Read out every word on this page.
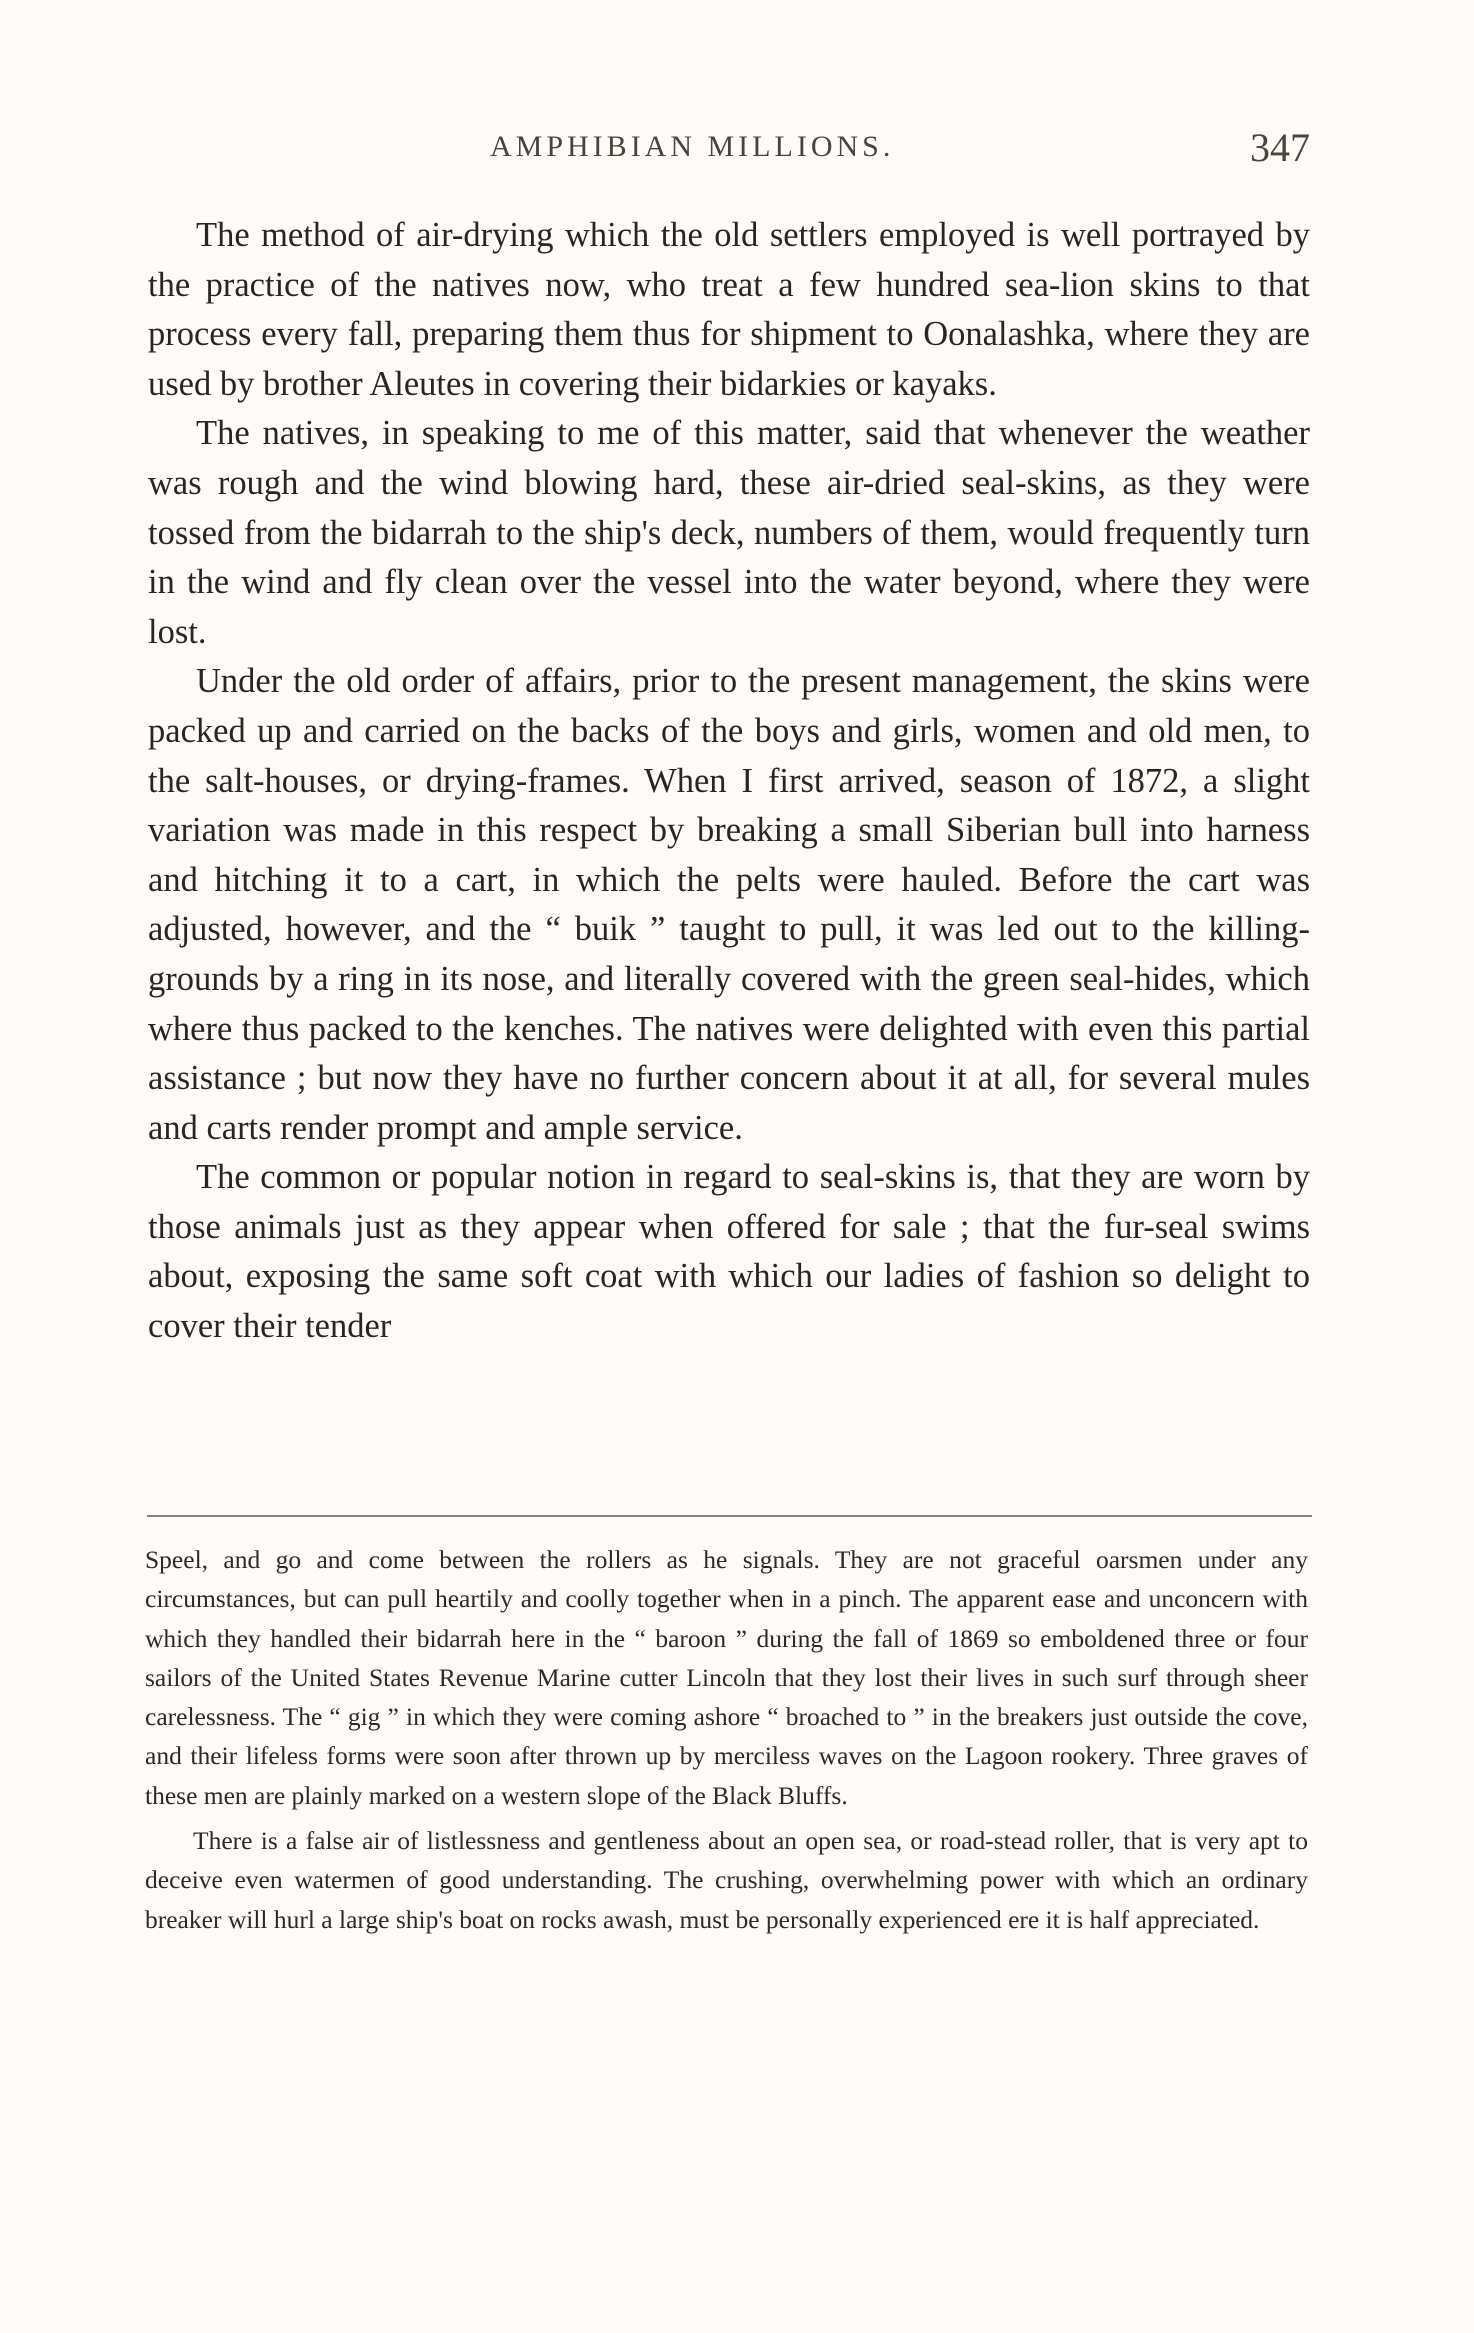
AMPHIBIAN MILLIONS.	347

The method of air-drying which the old settlers employed is well portrayed by the practice of the natives now, who treat a few hundred sea-lion skins to that process every fall, preparing them thus for shipment to Oonalashka, where they are used by brother Aleutes in covering their bidarkies or kayaks.

The natives, in speaking to me of this matter, said that whenever the weather was rough and the wind blowing hard, these air-dried seal-skins, as they were tossed from the bidarrah to the ship's deck, numbers of them, would frequently turn in the wind and fly clean over the vessel into the water beyond, where they were lost.

Under the old order of affairs, prior to the present management, the skins were packed up and carried on the backs of the boys and girls, women and old men, to the salt-houses, or drying-frames. When I first arrived, season of 1872, a slight variation was made in this respect by breaking a small Siberian bull into harness and hitching it to a cart, in which the pelts were hauled. Before the cart was adjusted, however, and the “ buik ” taught to pull, it was led out to the killing-grounds by a ring in its nose, and literally covered with the green seal-hides, which where thus packed to the kenches. The natives were delighted with even this partial assistance ; but now they have no further concern about it at all, for several mules and carts render prompt and ample service.

The common or popular notion in regard to seal-skins is, that they are worn by those animals just as they appear when offered for sale ; that the fur-seal swims about, exposing the same soft coat with which our ladies of fashion so delight to cover their tender

Speel, and go and come between the rollers as he signals. They are not graceful oarsmen under any circumstances, but can pull heartily and coolly together when in a pinch. The apparent ease and unconcern with which they handled their bidarrah here in the “ baroon ” during the fall of 1869 so emboldened three or four sailors of the United States Revenue Marine cutter Lincoln that they lost their lives in such surf through sheer carelessness. The “ gig ” in which they were coming ashore “ broached to ” in the breakers just outside the cove, and their lifeless forms were soon after thrown up by merciless waves on the Lagoon rookery. Three graves of these men are plainly marked on a western slope of the Black Bluffs.

There is a false air of listlessness and gentleness about an open sea, or road-stead roller, that is very apt to deceive even watermen of good understanding. The crushing, overwhelming power with which an ordinary breaker will hurl a large ship's boat on rocks awash, must be personally experienced ere it is half appreciated.
